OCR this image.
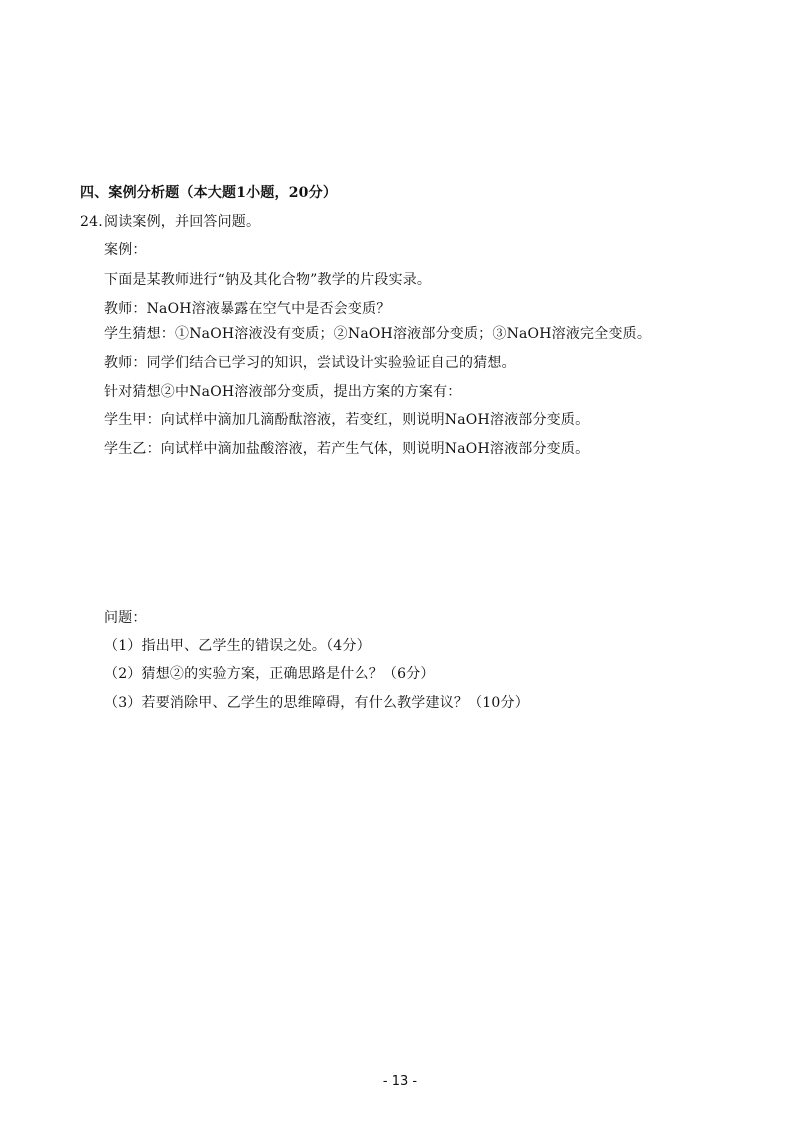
四、案例分析题（本大题1小题，20分）
24. 阅读案例，并回答问题。
案例：
下面是某教师进行“钠及其化合物”教学的片段实录。
教师：NaOH溶液暴露在空气中是否会变质？
学生猜想：①NaOH溶液没有变质；②NaOH溶液部分变质；③NaOH溶液完全变质。
教师：同学们结合已学习的知识，尝试设计实验验证自己的猜想。
针对猜想②中NaOH溶液部分变质，提出方案的方案有：
学生甲：向试样中滴加几滴酚酞溶液，若变红，则说明NaOH溶液部分变质。
学生乙：向试样中滴加盐酸溶液，若产生气体，则说明NaOH溶液部分变质。
问题：
（1）指出甲、乙学生的错误之处。（4分）
（2）猜想②的实验方案，正确思路是什么？（6分）
（3）若要消除甲、乙学生的思维障碍，有什么教学建议？（10分）
- 13 -
